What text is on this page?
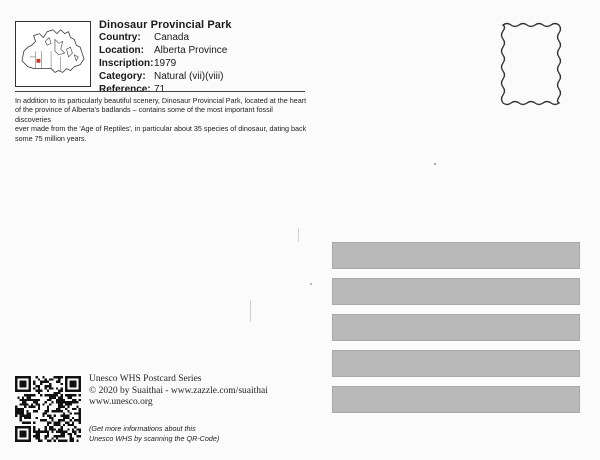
Dinosaur Provincial Park
Country: Canada
Location: Alberta Province
Inscription:1979
Category: Natural (vii)(viii)
Reference: 71
In addition to its particularly beautiful scenery, Dinosaur Provincial Park, located at the heart
of the province of Alberta's badlands – contains some of the most important fossil discoveries
ever made from the 'Age of Reptiles', in particular about 35 species of dinosaur, dating back
some 75 million years.
Unesco WHS Postcard Series
© 2020 by Suaithai - www.zazzle.com/suaithai
www.unesco.org
(Get more informations about this
Unesco WHS by scanning the QR-Code)
